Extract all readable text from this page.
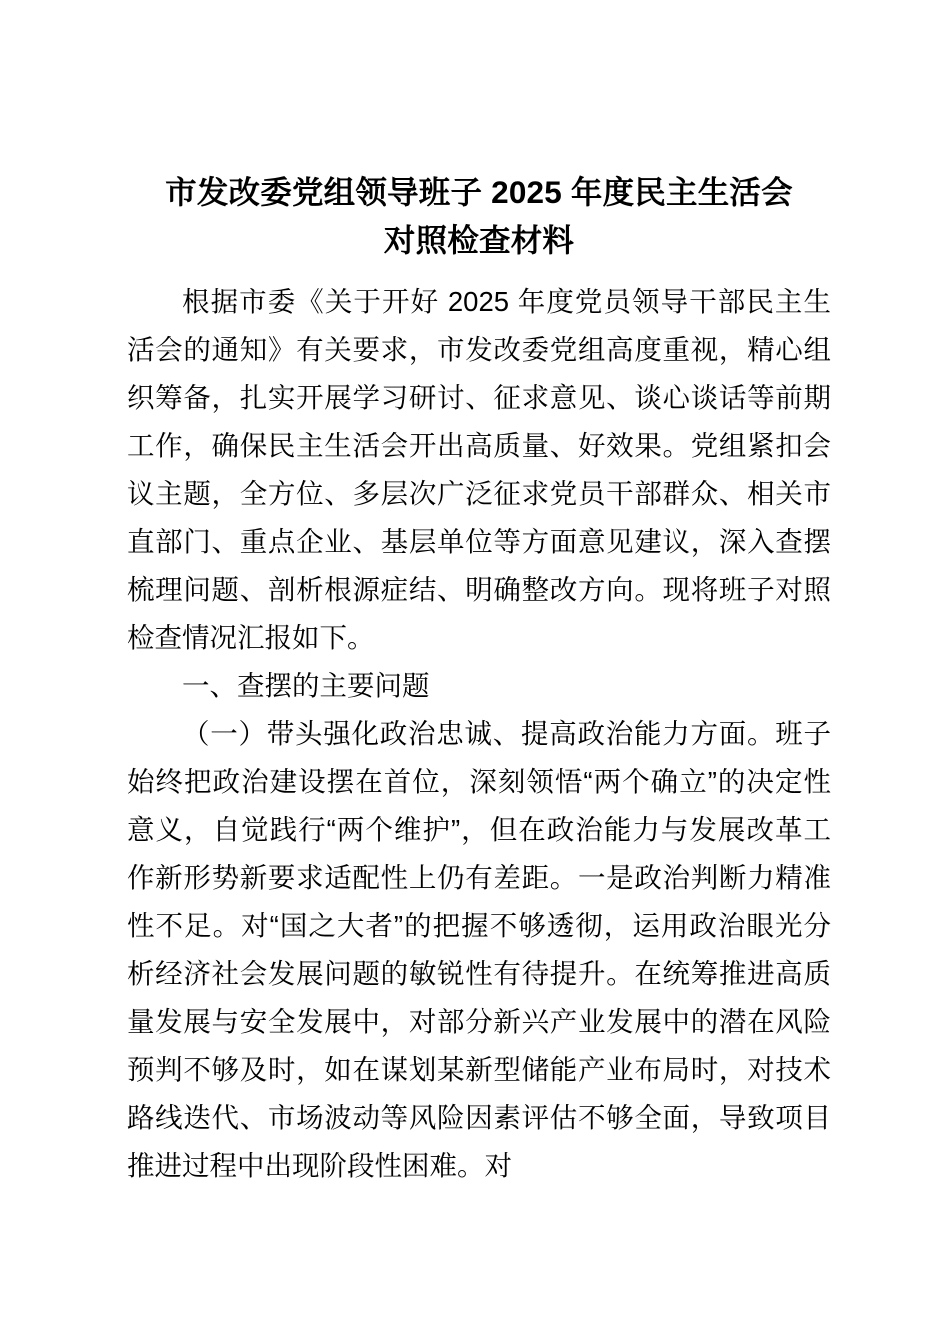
市发改委党组领导班子 2025 年度民主生活会
对照检查材料

根据市委《关于开好 2025 年度党员领导干部民主生活会的通知》有关要求，市发改委党组高度重视，精心组织筹备，扎实开展学习研讨、征求意见、谈心谈话等前期工作，确保民主生活会开出高质量、好效果。党组紧扣会议主题，全方位、多层次广泛征求党员干部群众、相关市直部门、重点企业、基层单位等方面意见建议，深入查摆梳理问题、剖析根源症结、明确整改方向。现将班子对照检查情况汇报如下。

一、查摆的主要问题

（一）带头强化政治忠诚、提高政治能力方面。班子始终把政治建设摆在首位，深刻领悟“两个确立”的决定性意义，自觉践行“两个维护”，但在政治能力与发展改革工作新形势新要求适配性上仍有差距。一是政治判断力精准性不足。对“国之大者”的把握不够透彻，运用政治眼光分析经济社会发展问题的敏锐性有待提升。在统筹推进高质量发展与安全发展中，对部分新兴产业发展中的潜在风险预判不够及时，如在谋划某新型储能产业布局时，对技术路线迭代、市场波动等风险因素评估不够全面，导致项目推进过程中出现阶段性困难。对
